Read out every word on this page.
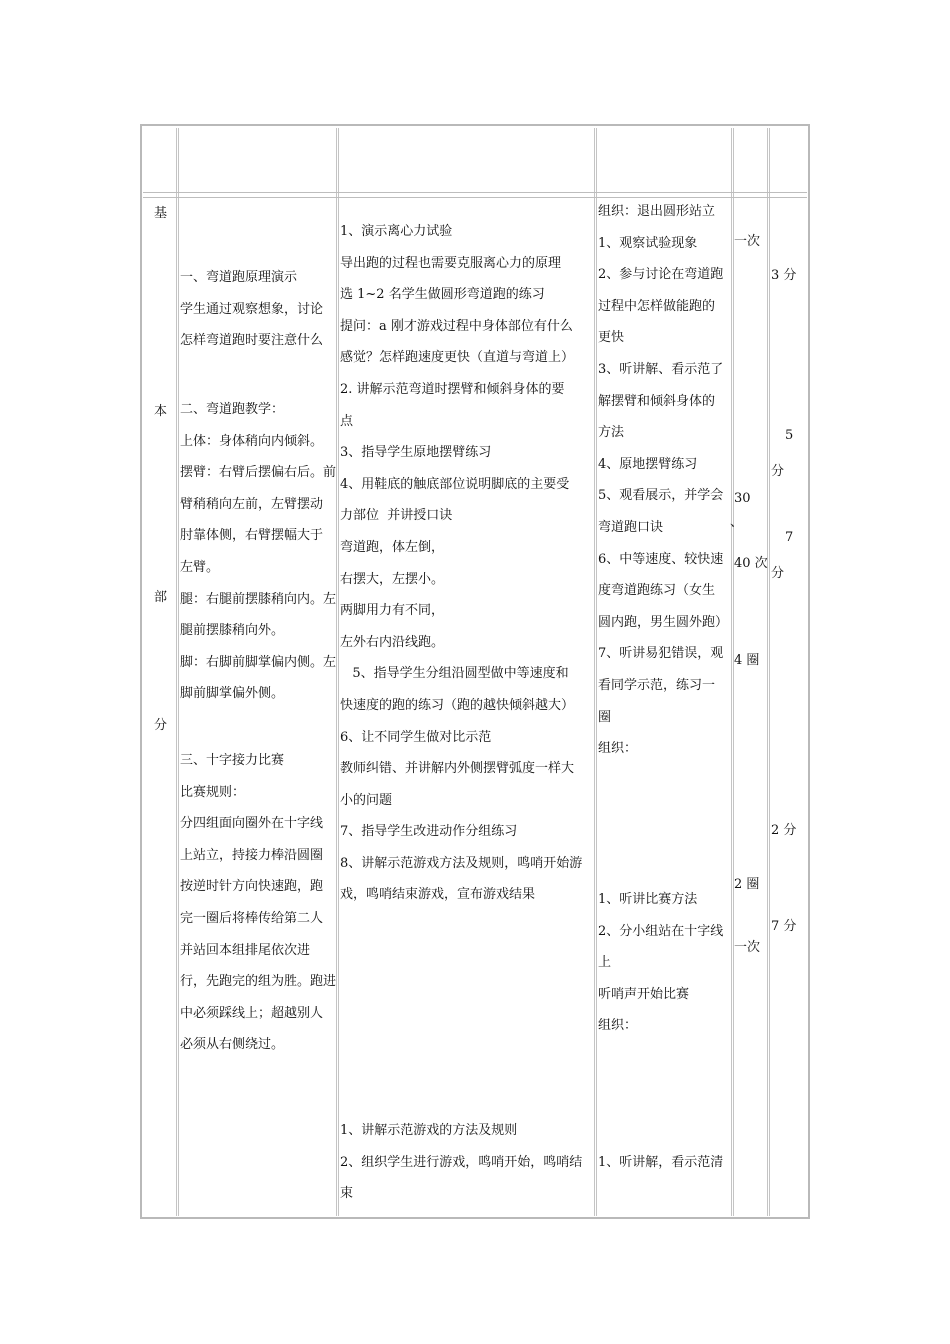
基
本
部
分
一、弯道跑原理演示
学生通过观察想象，讨论
怎样弯道跑时要注意什么
二、弯道跑教学：
上体：身体稍向内倾斜。
摆臂：右臂后摆偏右后。前
臂稍稍向左前，左臂摆动
肘靠体侧，右臂摆幅大于
左臂。
腿：右腿前摆膝稍向内。左
腿前摆膝稍向外。
脚：右脚前脚掌偏内侧。左
脚前脚掌偏外侧。
三、十字接力比赛
比赛规则：
分四组面向圈外在十字线
上站立，持接力棒沿圆圈
按逆时针方向快速跑，跑
完一圈后将棒传给第二人
并站回本组排尾依次进
行，先跑完的组为胜。跑进
中必须踩线上；超越别人
必须从右侧绕过。
1、演示离心力试验
导出跑的过程也需要克服离心力的原理
选 1~2 名学生做圆形弯道跑的练习
提问：a 刚才游戏过程中身体部位有什么
感觉？怎样跑速度更快（直道与弯道上）
2. 讲解示范弯道时摆臂和倾斜身体的要
点
3、指导学生原地摆臂练习
4、用鞋底的触底部位说明脚底的主要受
力部位  并讲授口诀
弯道跑，体左倒，
右摆大，左摆小。
两脚用力有不同，
左外右内沿线跑。
5、指导学生分组沿圆型做中等速度和
快速度的跑的练习（跑的越快倾斜越大）
6、让不同学生做对比示范
教师纠错、并讲解内外侧摆臂弧度一样大
小的问题
7、指导学生改进动作分组练习
8、讲解示范游戏方法及规则，鸣哨开始游
戏，鸣哨结束游戏，宣布游戏结果
1、讲解示范游戏的方法及规则
2、组织学生进行游戏，鸣哨开始，鸣哨结
束
组织：退出圆形站立
1、观察试验现象
2、参与讨论在弯道跑
过程中怎样做能跑的
更快
3、听讲解、看示范了
解摆臂和倾斜身体的
方法
4、原地摆臂练习
5、观看展示，并学会
弯道跑口诀
6、中等速度、较快速
度弯道跑练习（女生
圆内跑，男生圆外跑）
7、听讲易犯错误，观
看同学示范，练习一
圈
组织：
1、听讲比赛方法
2、分小组站在十字线
上
听哨声开始比赛
组织：
1、听讲解，看示范清
一次
30
、
40 次
4 圈
2 圈
一次
3 分
5
分
7
分
2 分
7 分
